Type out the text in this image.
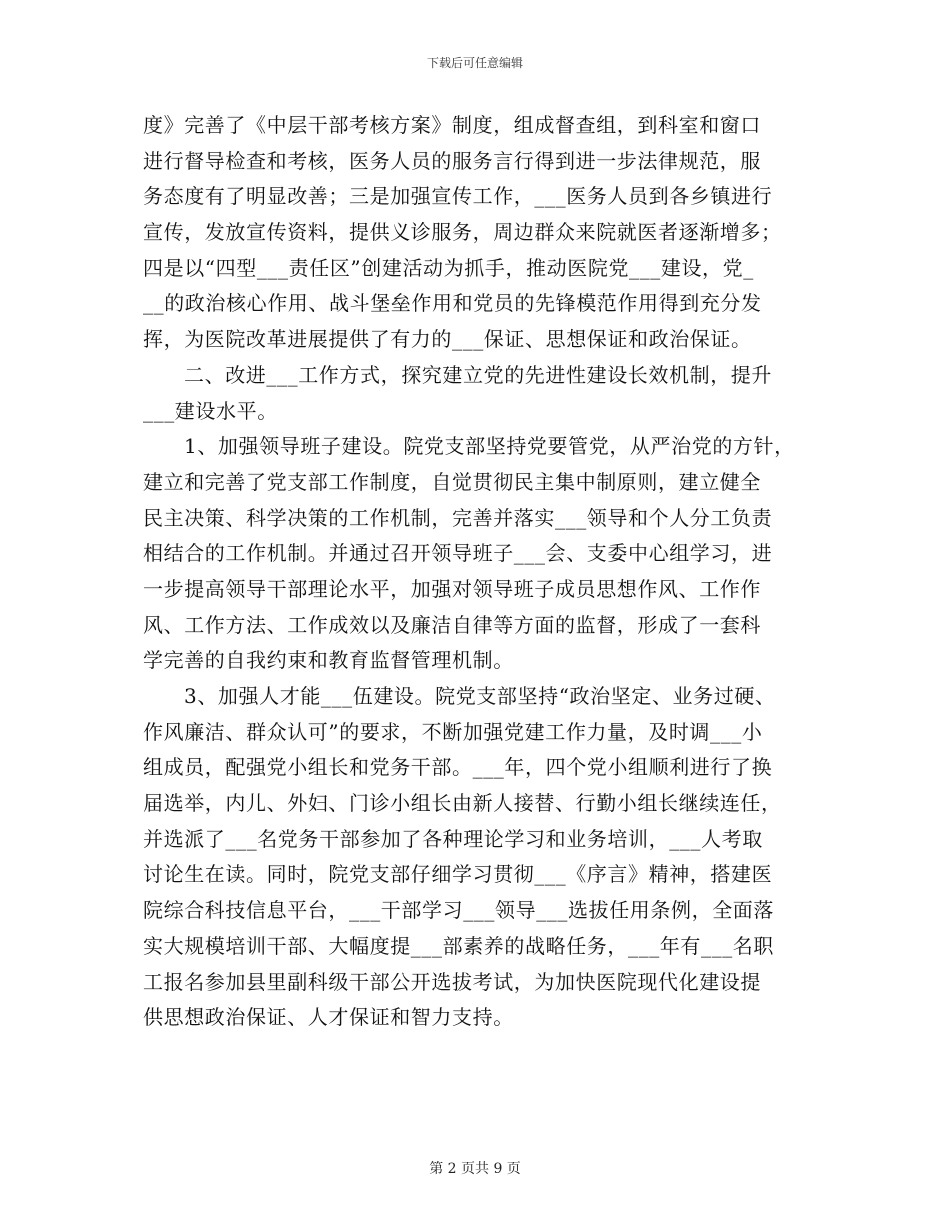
下载后可任意编辑
度》完善了《中层干部考核方案》制度，组成督查组，到科室和窗口
进行督导检查和考核，医务人员的服务言行得到进一步法律规范，服
务态度有了明显改善；三是加强宣传工作，___医务人员到各乡镇进行
宣传，发放宣传资料，提供义诊服务，周边群众来院就医者逐渐增多；
四是以“四型___责任区”创建活动为抓手，推动医院党___建设，党_
__的政治核心作用、战斗堡垒作用和党员的先锋模范作用得到充分发
挥，为医院改革进展提供了有力的___保证、思想保证和政治保证。
二、改进___工作方式，探究建立党的先进性建设长效机制，提升
___建设水平。
1、加强领导班子建设。院党支部坚持党要管党，从严治党的方针，
建立和完善了党支部工作制度，自觉贯彻民主集中制原则，建立健全
民主决策、科学决策的工作机制，完善并落实___领导和个人分工负责
相结合的工作机制。并通过召开领导班子___会、支委中心组学习，进
一步提高领导干部理论水平，加强对领导班子成员思想作风、工作作
风、工作方法、工作成效以及廉洁自律等方面的监督，形成了一套科
学完善的自我约束和教育监督管理机制。
3、加强人才能___伍建设。院党支部坚持“政治坚定、业务过硬、
作风廉洁、群众认可”的要求，不断加强党建工作力量，及时调___小
组成员，配强党小组长和党务干部。___年，四个党小组顺利进行了换
届选举，内儿、外妇、门诊小组长由新人接替、行勤小组长继续连任，
并选派了___名党务干部参加了各种理论学习和业务培训，___人考取
讨论生在读。同时，院党支部仔细学习贯彻___《序言》精神，搭建医
院综合科技信息平台，___干部学习___领导___选拔任用条例，全面落
实大规模培训干部、大幅度提___部素养的战略任务，___年有___名职
工报名参加县里副科级干部公开选拔考试，为加快医院现代化建设提
供思想政治保证、人才保证和智力支持。
第 2 页共 9 页
